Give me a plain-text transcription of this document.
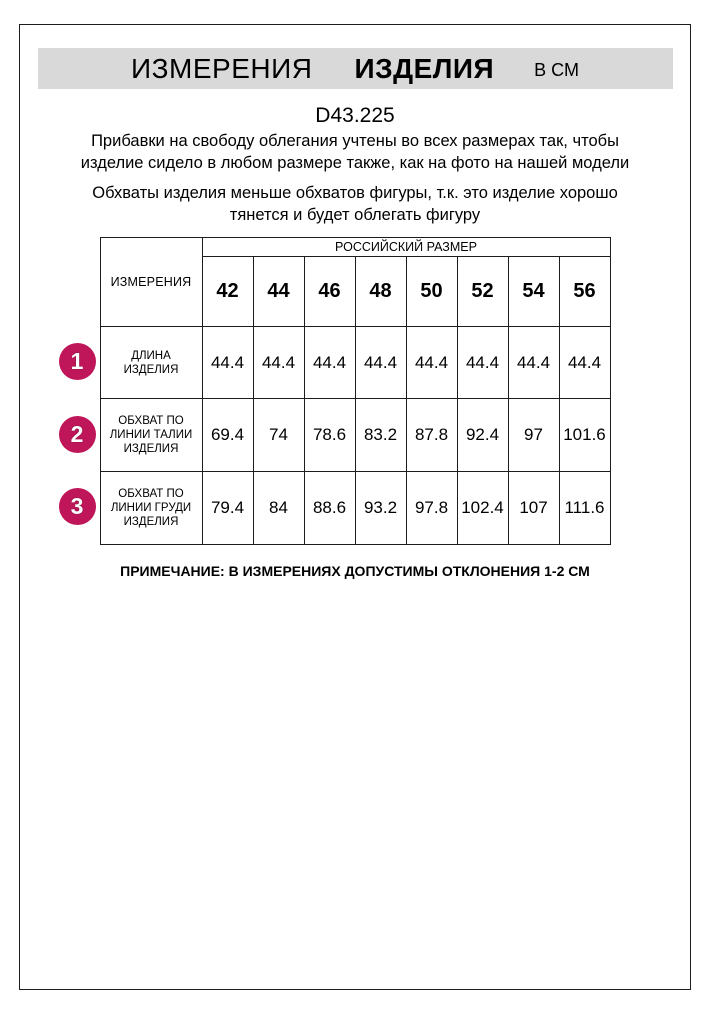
ИЗМЕРЕНИЯ ИЗДЕЛИЯ В СМ
D43.225

Прибавки на свободу облегания учтены во всех размерах так, чтобы изделие сидело в любом размере также, как на фото на нашей модели

Обхваты изделия меньше обхватов фигуры, т.к. это изделие хорошо тянется и будет облегать фигуру

1
2
3
ИЗМЕРЕНИЯ	РОССИЙСКИЙ РАЗМЕР							
	42	44	46	48	50	52	54	56
ДЛИНА ИЗДЕЛИЯ	44.4	44.4	44.4	44.4	44.4	44.4	44.4	44.4
ОБХВАТ ПО ЛИНИИ ТАЛИИ ИЗДЕЛИЯ	69.4	74	78.6	83.2	87.8	92.4	97	101.6
ОБХВАТ ПО ЛИНИИ ГРУДИ ИЗДЕЛИЯ	79.4	84	88.6	93.2	97.8	102.4	107	111.6
ПРИМЕЧАНИЕ: В ИЗМЕРЕНИЯХ ДОПУСТИМЫ ОТКЛОНЕНИЯ 1-2 СМ
